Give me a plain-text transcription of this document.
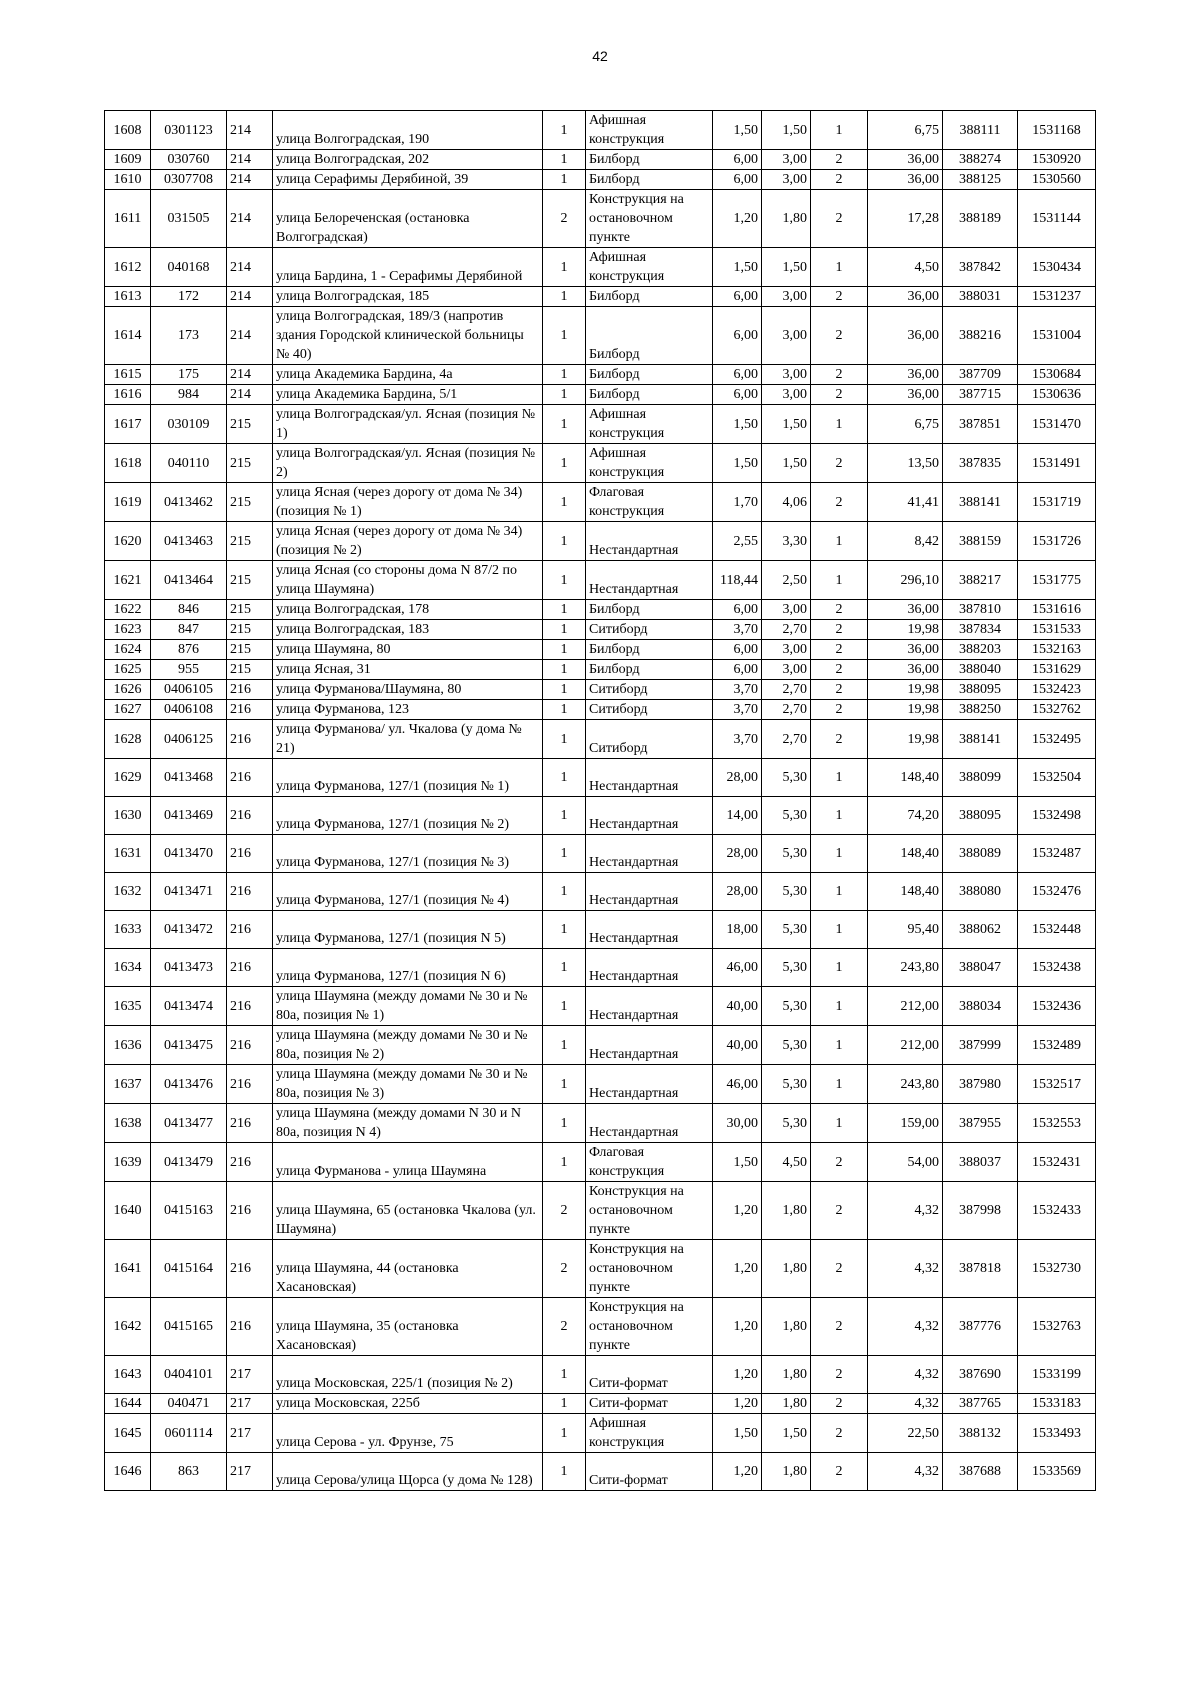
42
1608	0301123	214	улица Волгоградская, 190	1	Афишная конструкция	1,50	1,50	1	6,75	388111	1531168
1609	030760	214	улица Волгоградская, 202	1	Билборд	6,00	3,00	2	36,00	388274	1530920
1610	0307708	214	улица Серафимы Дерябиной, 39	1	Билборд	6,00	3,00	2	36,00	388125	1530560
1611	031505	214	улица Белореченская (остановка Волгоградская)	2	Конструкция на остановочном пункте	1,20	1,80	2	17,28	388189	1531144
1612	040168	214	улица Бардина, 1 - Серафимы Дерябиной	1	Афишная конструкция	1,50	1,50	1	4,50	387842	1530434
1613	172	214	улица Волгоградская, 185	1	Билборд	6,00	3,00	2	36,00	388031	1531237
1614	173	214	улица Волгоградская, 189/3 (напротив здания Городской клинической больницы № 40)	1	Билборд	6,00	3,00	2	36,00	388216	1531004
1615	175	214	улица Академика Бардина, 4а	1	Билборд	6,00	3,00	2	36,00	387709	1530684
1616	984	214	улица Академика Бардина, 5/1	1	Билборд	6,00	3,00	2	36,00	387715	1530636
1617	030109	215	улица Волгоградская/ул. Ясная (позиция № 1)	1	Афишная конструкция	1,50	1,50	1	6,75	387851	1531470
1618	040110	215	улица Волгоградская/ул. Ясная (позиция № 2)	1	Афишная конструкция	1,50	1,50	2	13,50	387835	1531491
1619	0413462	215	улица Ясная (через дорогу от дома № 34) (позиция № 1)	1	Флаговая конструкция	1,70	4,06	2	41,41	388141	1531719
1620	0413463	215	улица Ясная (через дорогу от дома № 34) (позиция № 2)	1	Нестандартная	2,55	3,30	1	8,42	388159	1531726
1621	0413464	215	улица Ясная (со стороны дома N 87/2 по улица Шаумяна)	1	Нестандартная	118,44	2,50	1	296,10	388217	1531775
1622	846	215	улица Волгоградская, 178	1	Билборд	6,00	3,00	2	36,00	387810	1531616
1623	847	215	улица Волгоградская, 183	1	Ситиборд	3,70	2,70	2	19,98	387834	1531533
1624	876	215	улица Шаумяна, 80	1	Билборд	6,00	3,00	2	36,00	388203	1532163
1625	955	215	улица Ясная, 31	1	Билборд	6,00	3,00	2	36,00	388040	1531629
1626	0406105	216	улица Фурманова/Шаумяна, 80	1	Ситиборд	3,70	2,70	2	19,98	388095	1532423
1627	0406108	216	улица Фурманова, 123	1	Ситиборд	3,70	2,70	2	19,98	388250	1532762
1628	0406125	216	улица Фурманова/ ул. Чкалова (у дома № 21)	1	Ситиборд	3,70	2,70	2	19,98	388141	1532495
1629	0413468	216	улица Фурманова, 127/1 (позиция № 1)	1	Нестандартная	28,00	5,30	1	148,40	388099	1532504
1630	0413469	216	улица Фурманова, 127/1 (позиция № 2)	1	Нестандартная	14,00	5,30	1	74,20	388095	1532498
1631	0413470	216	улица Фурманова, 127/1 (позиция № 3)	1	Нестандартная	28,00	5,30	1	148,40	388089	1532487
1632	0413471	216	улица Фурманова, 127/1 (позиция № 4)	1	Нестандартная	28,00	5,30	1	148,40	388080	1532476
1633	0413472	216	улица Фурманова, 127/1 (позиция N 5)	1	Нестандартная	18,00	5,30	1	95,40	388062	1532448
1634	0413473	216	улица Фурманова, 127/1 (позиция N 6)	1	Нестандартная	46,00	5,30	1	243,80	388047	1532438
1635	0413474	216	улица Шаумяна (между домами № 30 и № 80а, позиция № 1)	1	Нестандартная	40,00	5,30	1	212,00	388034	1532436
1636	0413475	216	улица Шаумяна (между домами № 30 и № 80а, позиция № 2)	1	Нестандартная	40,00	5,30	1	212,00	387999	1532489
1637	0413476	216	улица Шаумяна (между домами № 30 и № 80а, позиция № 3)	1	Нестандартная	46,00	5,30	1	243,80	387980	1532517
1638	0413477	216	улица Шаумяна (между домами N 30 и N 80а, позиция N 4)	1	Нестандартная	30,00	5,30	1	159,00	387955	1532553
1639	0413479	216	улица Фурманова - улица Шаумяна	1	Флаговая конструкция	1,50	4,50	2	54,00	388037	1532431
1640	0415163	216	улица Шаумяна, 65 (остановка Чкалова (ул. Шаумяна)	2	Конструкция на остановочном пункте	1,20	1,80	2	4,32	387998	1532433
1641	0415164	216	улица Шаумяна, 44 (остановка Хасановская)	2	Конструкция на остановочном пункте	1,20	1,80	2	4,32	387818	1532730
1642	0415165	216	улица Шаумяна, 35 (остановка Хасановская)	2	Конструкция на остановочном пункте	1,20	1,80	2	4,32	387776	1532763
1643	0404101	217	улица Московская, 225/1 (позиция № 2)	1	Сити-формат	1,20	1,80	2	4,32	387690	1533199
1644	040471	217	улица Московская, 225б	1	Сити-формат	1,20	1,80	2	4,32	387765	1533183
1645	0601114	217	улица Серова - ул. Фрунзе, 75	1	Афишная конструкция	1,50	1,50	2	22,50	388132	1533493
1646	863	217	улица Серова/улица Щорса (у дома № 128)	1	Сити-формат	1,20	1,80	2	4,32	387688	1533569
